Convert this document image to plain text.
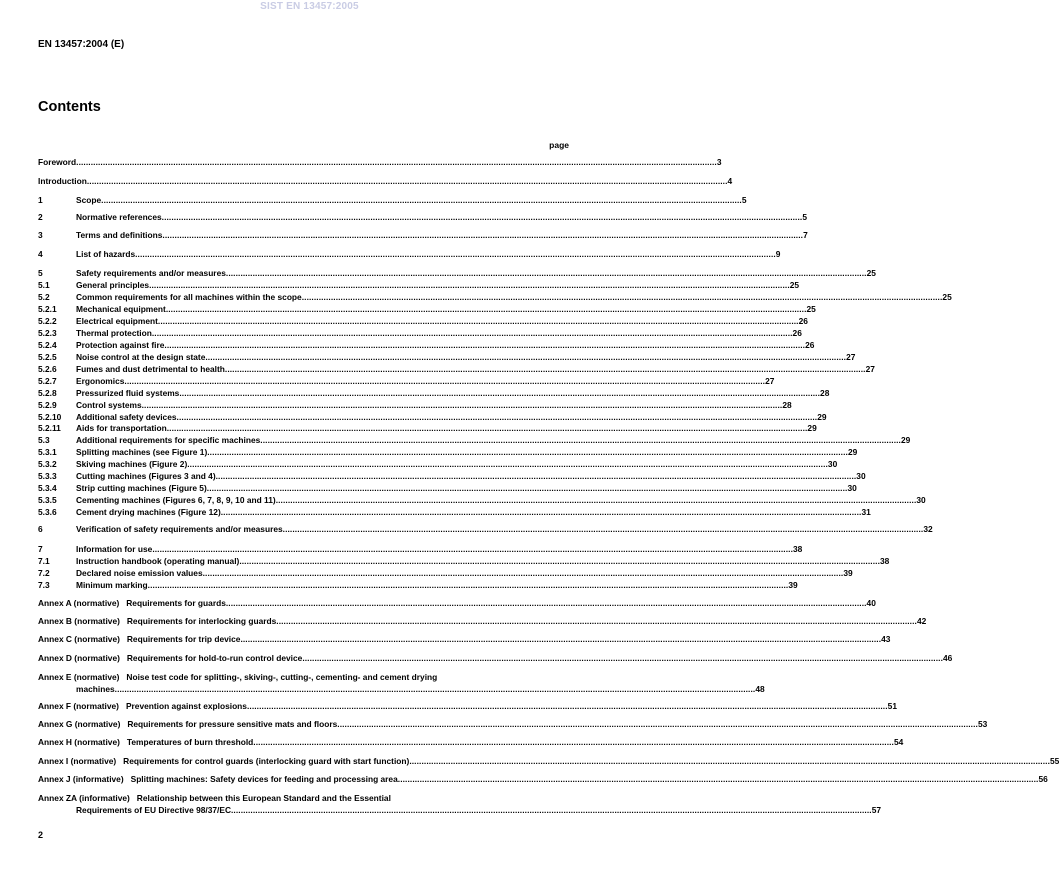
SIST EN 13457:2005
EN 13457:2004 (E)
Contents
page
Foreword .....	3
Introduction .....	4
1	Scope .....	5
2	Normative references .....	5
3	Terms and definitions .....	7
4	List of hazards .....	9
5	Safety requirements and/or measures .....	25
5.1	General principles .....	25
5.2	Common requirements for all machines within the scope .....	25
5.2.1	Mechanical equipment .....	25
5.2.2	Electrical equipment .....	26
5.2.3	Thermal protection .....	26
5.2.4	Protection against fire .....	26
5.2.5	Noise control at the design state .....	27
5.2.6	Fumes and dust detrimental to health .....	27
5.2.7	Ergonomics .....	27
5.2.8	Pressurized fluid systems .....	28
5.2.9	Control systems .....	28
5.2.10	Additional safety devices .....	29
5.2.11	Aids for transportation .....	29
5.3	Additional requirements for specific machines .....	29
5.3.1	Splitting machines (see Figure 1) .....	29
5.3.2	Skiving machines (Figure 2) .....	30
5.3.3	Cutting machines (Figures 3 and 4) .....	30
5.3.4	Strip cutting machines (Figure 5) .....	30
5.3.5	Cementing machines (Figures 6, 7, 8, 9, 10 and 11) .....	30
5.3.6	Cement drying machines (Figure 12) .....	31
6	Verification of safety requirements and/or measures .....	32
7	Information for use .....	38
7.1	Instruction handbook (operating manual) .....	38
7.2	Declared noise emission values .....	39
7.3	Minimum marking .....	39
Annex A (normative)   Requirements for guards .....	40
Annex B (normative)   Requirements for interlocking guards .....	42
Annex C (normative)   Requirements for trip device .....	43
Annex D (normative)   Requirements for hold-to-run control device .....	46
Annex E (normative)   Noise test code for splitting-, skiving-, cutting-, cementing- and cement drying
machines .....	48
Annex F (normative)   Prevention against explosions .....	51
Annex G (normative)   Requirements for pressure sensitive mats and floors .....	53
Annex H (normative)   Temperatures of burn threshold .....	54
Annex I (normative)   Requirements for control guards (interlocking guard with start function) .....	55
Annex J (informative)   Splitting machines: Safety devices for feeding and processing area .....	56
Annex ZA (informative)   Relationship between this European Standard and the Essential
Requirements of EU Directive 98/37/EC .....	57
2
